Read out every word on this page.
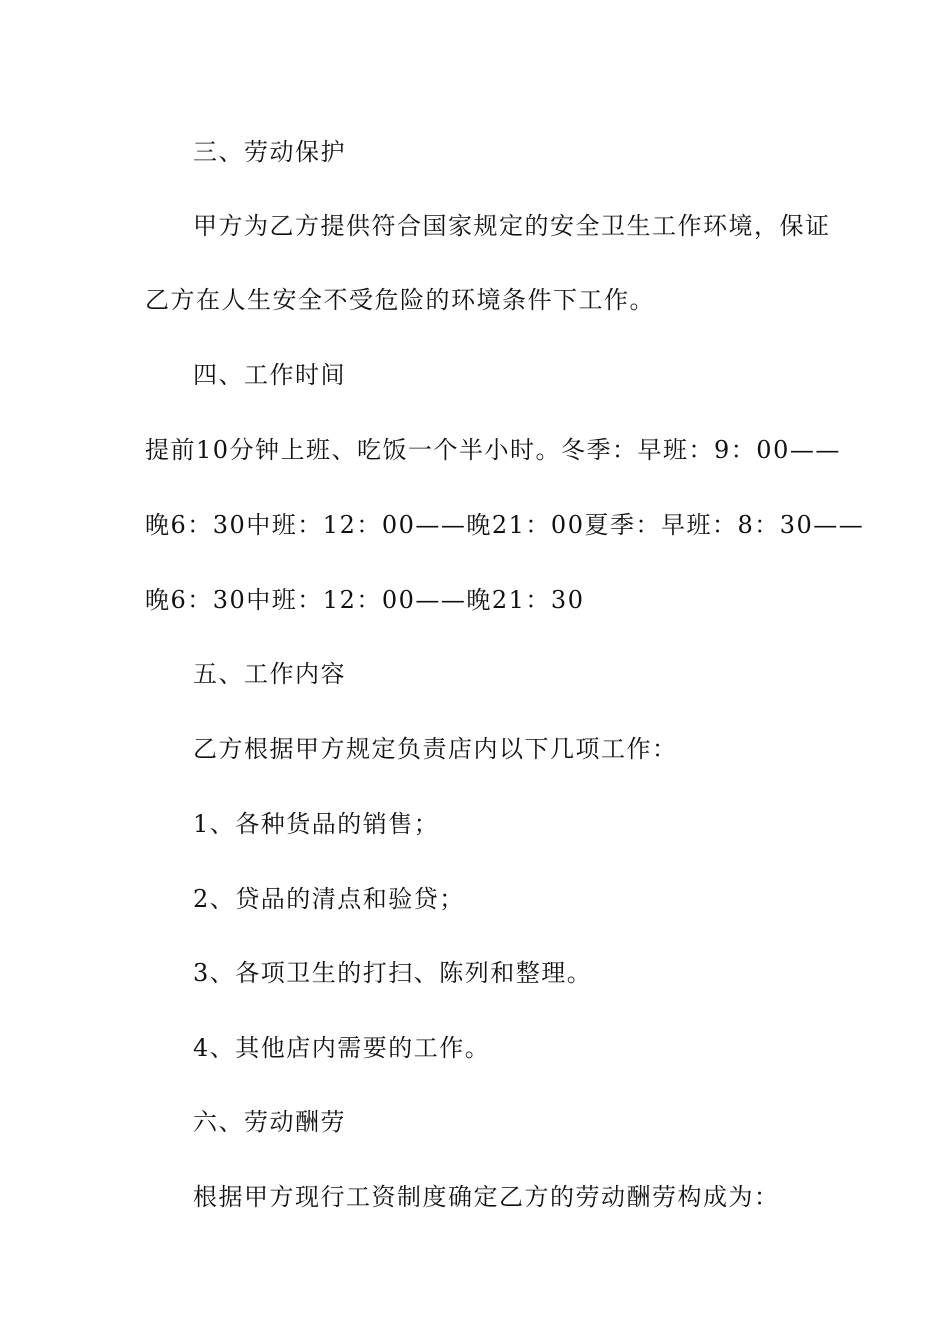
三、劳动保护
甲方为乙方提供符合国家规定的安全卫生工作环境，保证
乙方在人生安全不受危险的环境条件下工作。
四、工作时间
提前10分钟上班、吃饭一个半小时。冬季：早班：9：00——
晚6：30中班：12：00——晚21：00夏季：早班：8：30——
晚6：30中班：12：00——晚21：30
五、工作内容
乙方根据甲方规定负责店内以下几项工作：
1、各种货品的销售；
2、贷品的清点和验贷；
3、各项卫生的打扫、陈列和整理。
4、其他店内需要的工作。
六、劳动酬劳
根据甲方现行工资制度确定乙方的劳动酬劳构成为：
